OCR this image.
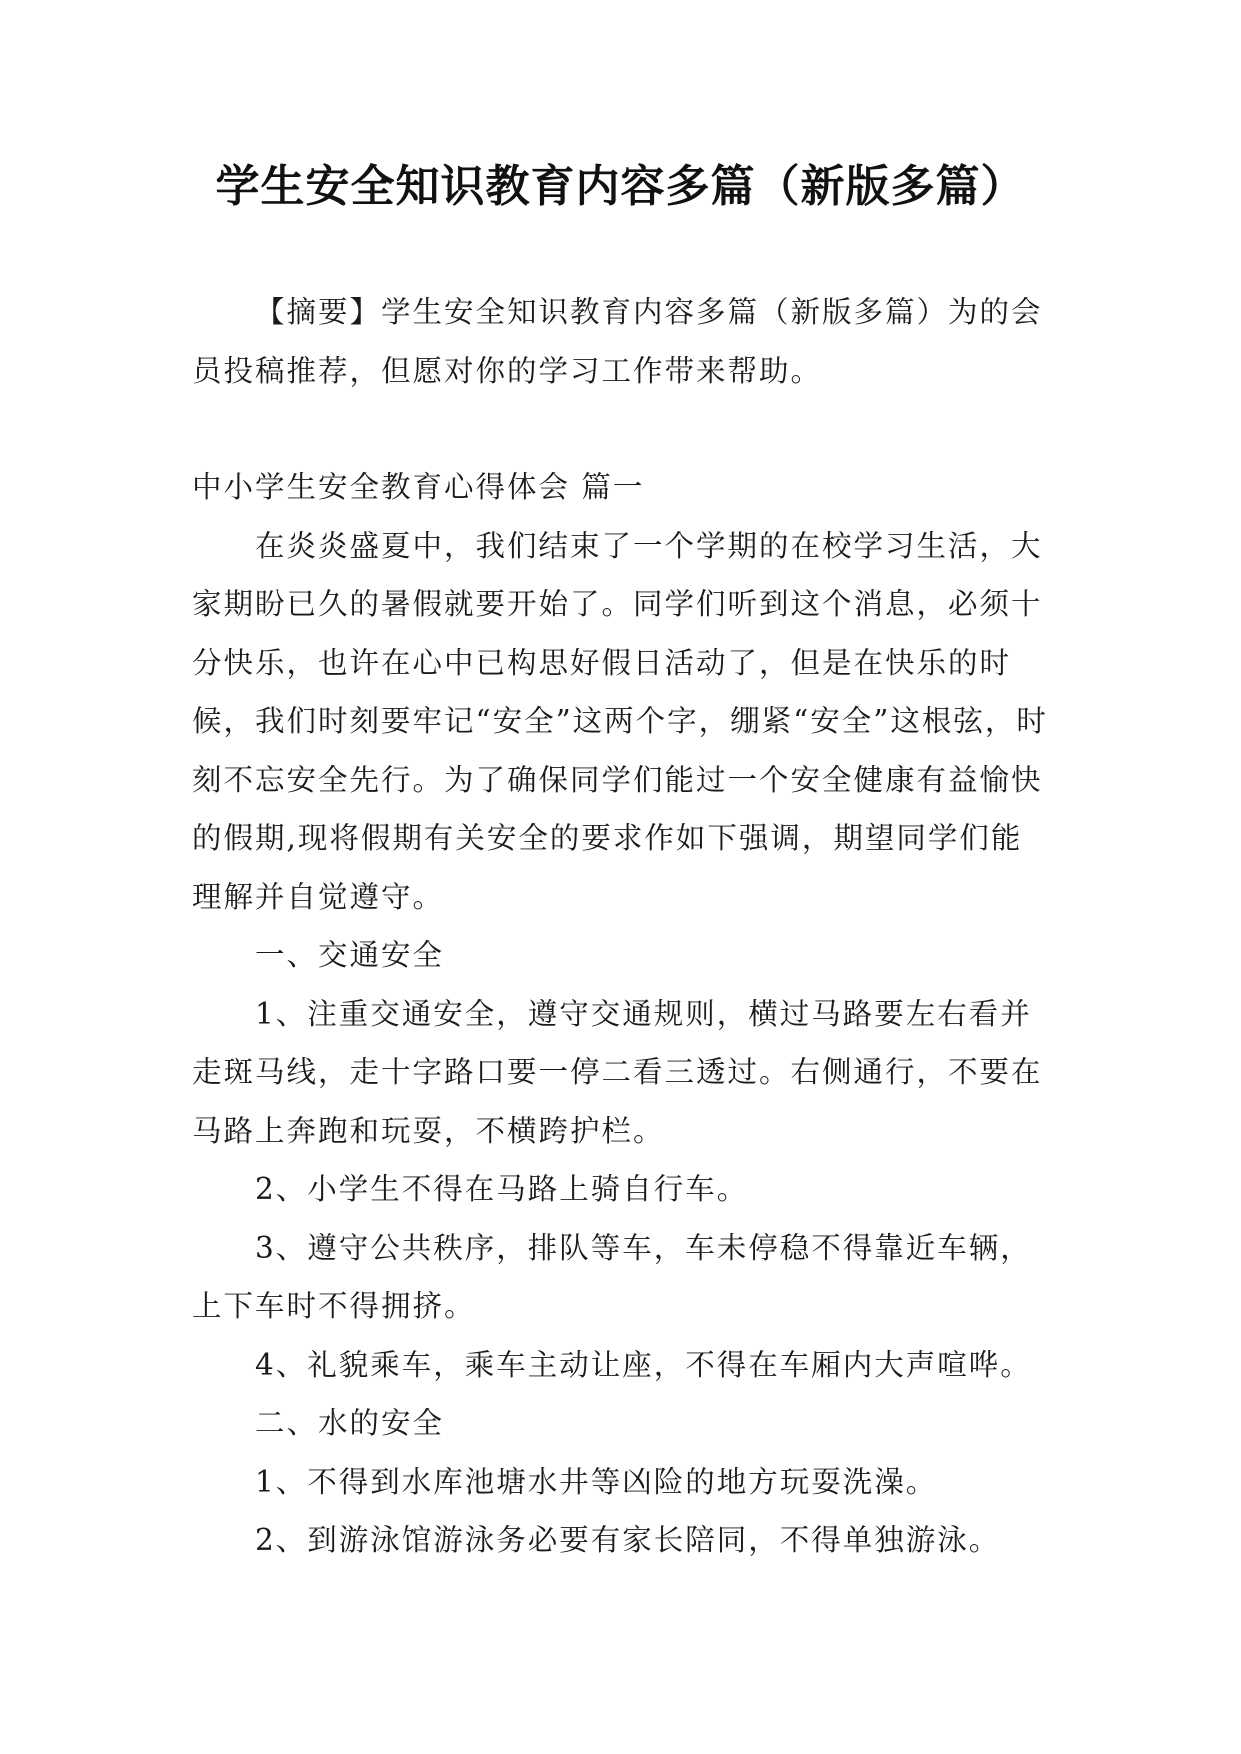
学生安全知识教育内容多篇（新版多篇）

【摘要】学生安全知识教育内容多篇（新版多篇）为的会员投稿推荐，但愿对你的学习工作带来帮助。

中小学生安全教育心得体会 篇一

在炎炎盛夏中，我们结束了一个学期的在校学习生活，大家期盼已久的暑假就要开始了。同学们听到这个消息，必须十分快乐，也许在心中已构思好假日活动了，但是在快乐的时候，我们时刻要牢记“安全”这两个字，绷紧“安全”这根弦，时刻不忘安全先行。为了确保同学们能过一个安全健康有益愉快的假期,现将假期有关安全的要求作如下强调，期望同学们能理解并自觉遵守。

一、交通安全

1、注重交通安全，遵守交通规则，横过马路要左右看并走斑马线，走十字路口要一停二看三透过。右侧通行，不要在马路上奔跑和玩耍，不横跨护栏。

2、小学生不得在马路上骑自行车。

3、遵守公共秩序，排队等车，车未停稳不得靠近车辆，上下车时不得拥挤。

4、礼貌乘车，乘车主动让座，不得在车厢内大声喧哗。

二、水的安全

1、不得到水库池塘水井等凶险的地方玩耍洗澡。

2、到游泳馆游泳务必要有家长陪同，不得单独游泳。
